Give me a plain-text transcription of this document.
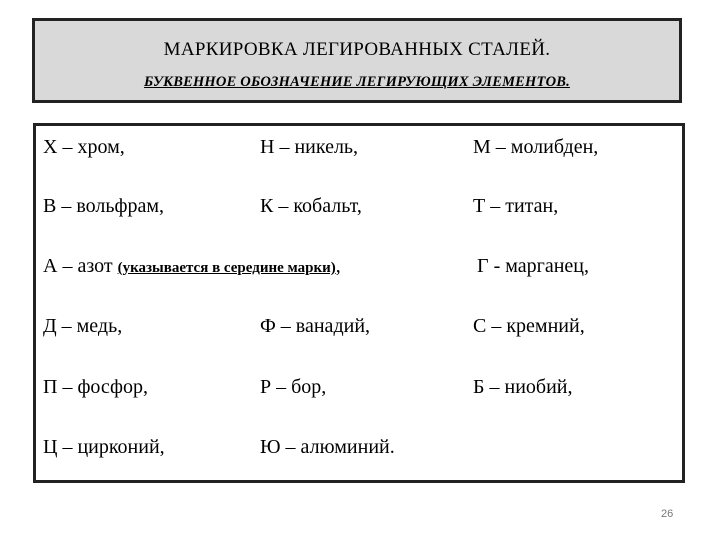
МАРКИРОВКА ЛЕГИРОВАННЫХ СТАЛЕЙ.
БУКВЕННОЕ ОБОЗНАЧЕНИЕ ЛЕГИРУЮЩИХ ЭЛЕМЕНТОВ.
Х – хром,	Н – никель,	М – молибден,
В – вольфрам,	К – кобальт,	Т – титан,
А – азот (указывается в середине марки),	Г - марганец,
Д – медь,	Ф – ванадий,	С – кремний,
П – фосфор,	Р – бор,	Б – ниобий,
Ц – цирконий,	Ю – алюминий.
26
